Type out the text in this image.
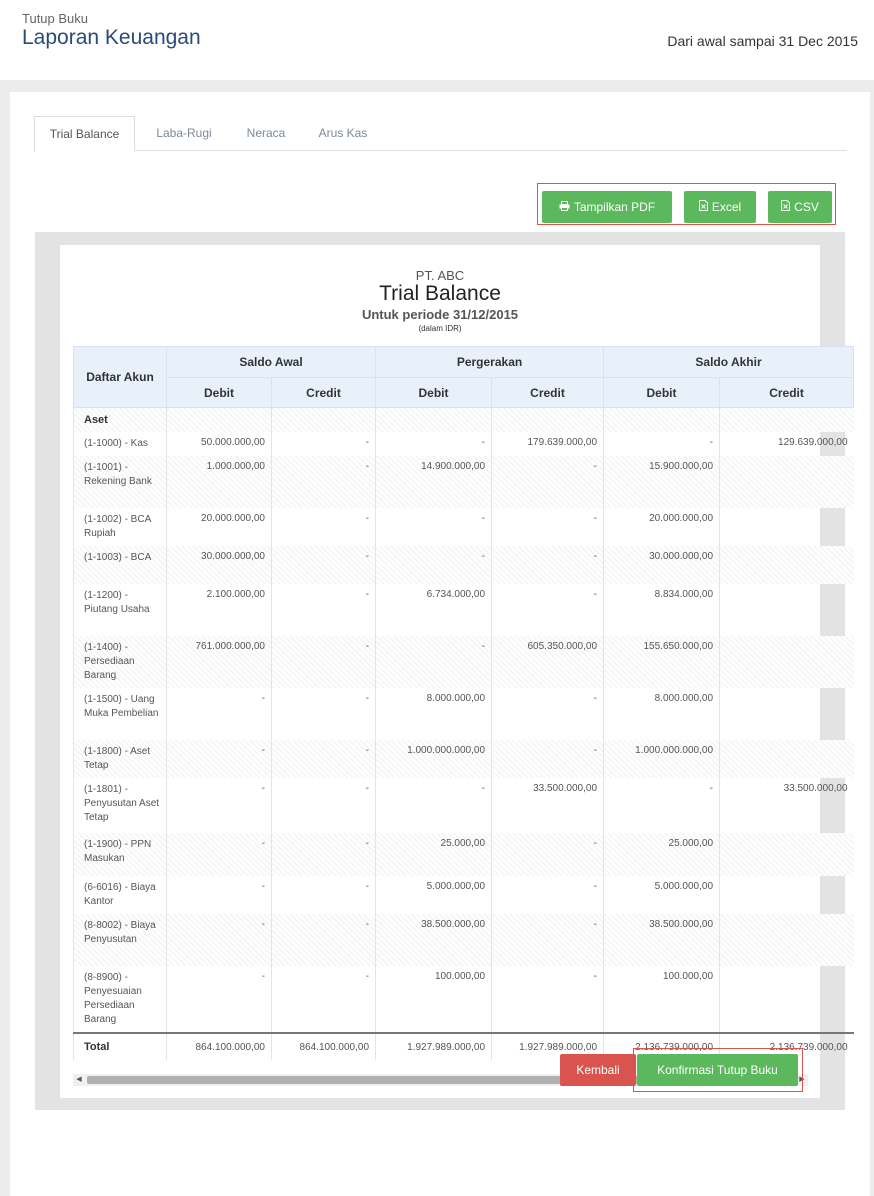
Tutup Buku
Laporan Keuangan	Dari awal sampai 31 Dec 2015
Trial Balance	Laba-Rugi	Neraca	Arus Kas
Tampilkan PDF	Excel	CSV
PT. ABC
Trial Balance
Untuk periode 31/12/2015
(dalam IDR)
Daftar Akun	Saldo Awal		Pergerakan		Saldo Akhir	
	Debit	Credit	Debit	Credit	Debit	Credit
Aset						
(1-1000) - Kas	50.000.000,00	-	-	179.639.000,00	-	129.639.000,00
(1-1001) - Rekening Bank	1.000.000,00	-	14.900.000,00	-	15.900.000,00	
(1-1002) - BCA Rupiah	20.000.000,00	-	-	-	20.000.000,00	
(1-1003) - BCA	30.000.000,00	-	-	-	30.000.000,00	
(1-1200) - Piutang Usaha	2.100.000,00	-	6.734.000,00	-	8.834.000,00	
(1-1400) - Persediaan Barang	761.000.000,00	-	-	605.350.000,00	155.650.000,00	
(1-1500) - Uang Muka Pembelian	-	-	8.000.000,00	-	8.000.000,00	
(1-1800) - Aset Tetap	-	-	1.000.000.000,00	-	1.000.000.000,00	
(1-1801) - Penyusutan Aset Tetap	-	-	-	33.500.000,00	-	33.500.000,00
(1-1900) - PPN Masukan	-	-	25.000,00	-	25.000,00	
(6-6016) - Biaya Kantor	-	-	5.000.000,00	-	5.000.000,00	
(8-8002) - Biaya Penyusutan	-	-	38.500.000,00	-	38.500.000,00	
(8-8900) - Penyesuaian Persediaan Barang	-	-	100.000,00	-	100.000,00	
Total	864.100.000,00	864.100.000,00	1.927.989.000,00	1.927.989.000,00	2.136.739.000,00	2.136.739.000,00
◀	▶
Kembali	Konfirmasi Tutup Buku
